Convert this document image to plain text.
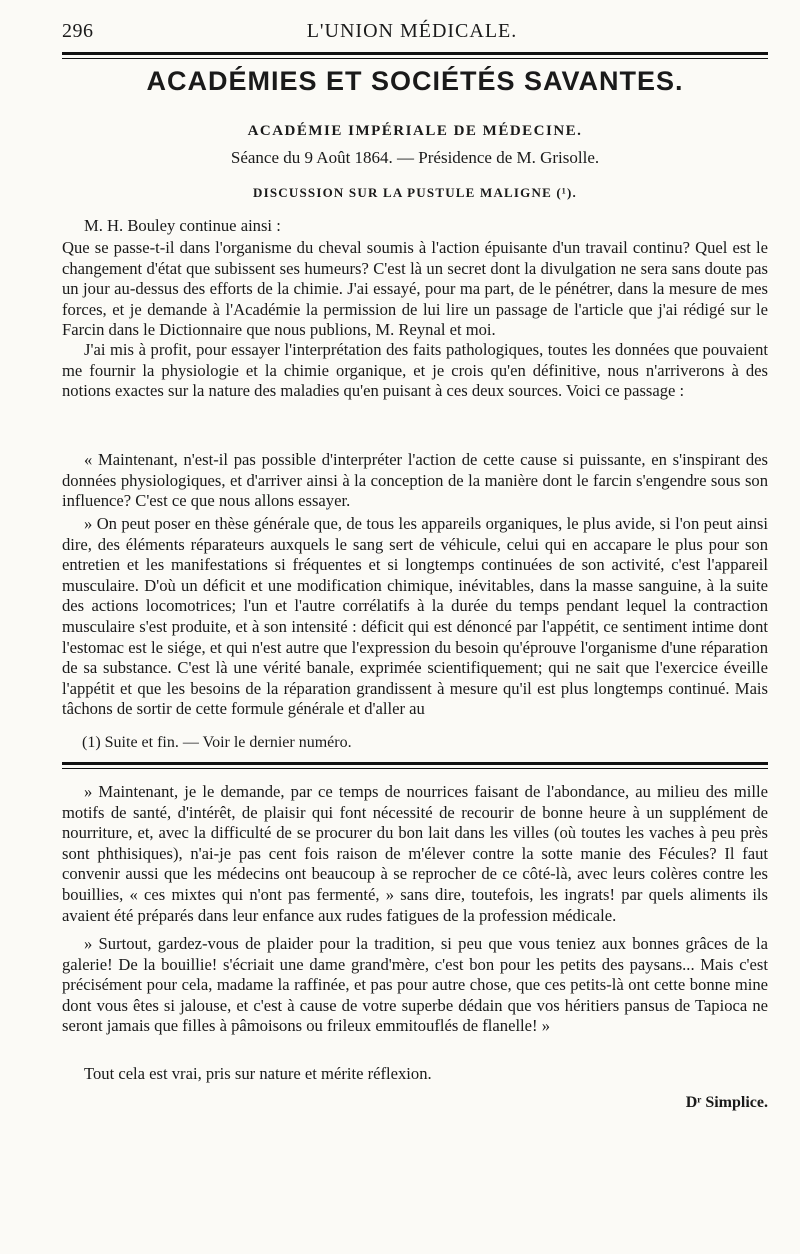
296	L'UNION MÉDICALE.
ACADÉMIES ET SOCIÉTÉS SAVANTES.
ACADÉMIE IMPÉRIALE DE MÉDECINE.
Séance du 9 Août 1864. — Présidence de M. Grisolle.
DISCUSSION SUR LA PUSTULE MALIGNE (¹).

M. H. Bouley continue ainsi :

Que se passe-t-il dans l'organisme du cheval soumis à l'action épuisante d'un travail continu? Quel est le changement d'état que subissent ses humeurs? C'est là un secret dont la divulgation ne sera sans doute pas un jour au-dessus des efforts de la chimie. J'ai essayé, pour ma part, de le pénétrer, dans la mesure de mes forces, et je demande à l'Académie la permission de lui lire un passage de l'article que j'ai rédigé sur le Farcin dans le Dictionnaire que nous publions, M. Reynal et moi.

J'ai mis à profit, pour essayer l'interprétation des faits pathologiques, toutes les données que pouvaient me fournir la physiologie et la chimie organique, et je crois qu'en définitive, nous n'arriverons à des notions exactes sur la nature des maladies qu'en puisant à ces deux sources. Voici ce passage :

« Maintenant, n'est-il pas possible d'interpréter l'action de cette cause si puissante, en s'inspirant des données physiologiques, et d'arriver ainsi à la conception de la manière dont le farcin s'engendre sous son influence? C'est ce que nous allons essayer.

» On peut poser en thèse générale que, de tous les appareils organiques, le plus avide, si l'on peut ainsi dire, des éléments réparateurs auxquels le sang sert de véhicule, celui qui en accapare le plus pour son entretien et les manifestations si fréquentes et si longtemps continuées de son activité, c'est l'appareil musculaire. D'où un déficit et une modification chimique, inévitables, dans la masse sanguine, à la suite des actions locomotrices; l'un et l'autre corrélatifs à la durée du temps pendant lequel la contraction musculaire s'est produite, et à son intensité : déficit qui est dénoncé par l'appétit, ce sentiment intime dont l'estomac est le siége, et qui n'est autre que l'expression du besoin qu'éprouve l'organisme d'une réparation de sa substance. C'est là une vérité banale, exprimée scientifiquement; qui ne sait que l'exercice éveille l'appétit et que les besoins de la réparation grandissent à mesure qu'il est plus longtemps continué. Mais tâchons de sortir de cette formule générale et d'aller au

(1) Suite et fin. — Voir le dernier numéro.

» Maintenant, je le demande, par ce temps de nourrices faisant de l'abondance, au milieu des mille motifs de santé, d'intérêt, de plaisir qui font nécessité de recourir de bonne heure à un supplément de nourriture, et, avec la difficulté de se procurer du bon lait dans les villes (où toutes les vaches à peu près sont phthisiques), n'ai-je pas cent fois raison de m'élever contre la sotte manie des Fécules? Il faut convenir aussi que les médecins ont beaucoup à se reprocher de ce côté-là, avec leurs colères contre les bouillies, « ces mixtes qui n'ont pas fermenté, » sans dire, toutefois, les ingrats! par quels aliments ils avaient été préparés dans leur enfance aux rudes fatigues de la profession médicale.

» Surtout, gardez-vous de plaider pour la tradition, si peu que vous teniez aux bonnes grâces de la galerie! De la bouillie! s'écriait une dame grand'mère, c'est bon pour les petits des paysans... Mais c'est précisément pour cela, madame la raffinée, et pas pour autre chose, que ces petits-là ont cette bonne mine dont vous êtes si jalouse, et c'est à cause de votre superbe dédain que vos héritiers pansus de Tapioca ne seront jamais que filles à pâmoisons ou frileux emmitouflés de flanelle! »

Tout cela est vrai, pris sur nature et mérite réflexion.

Dʳ Simplice.
